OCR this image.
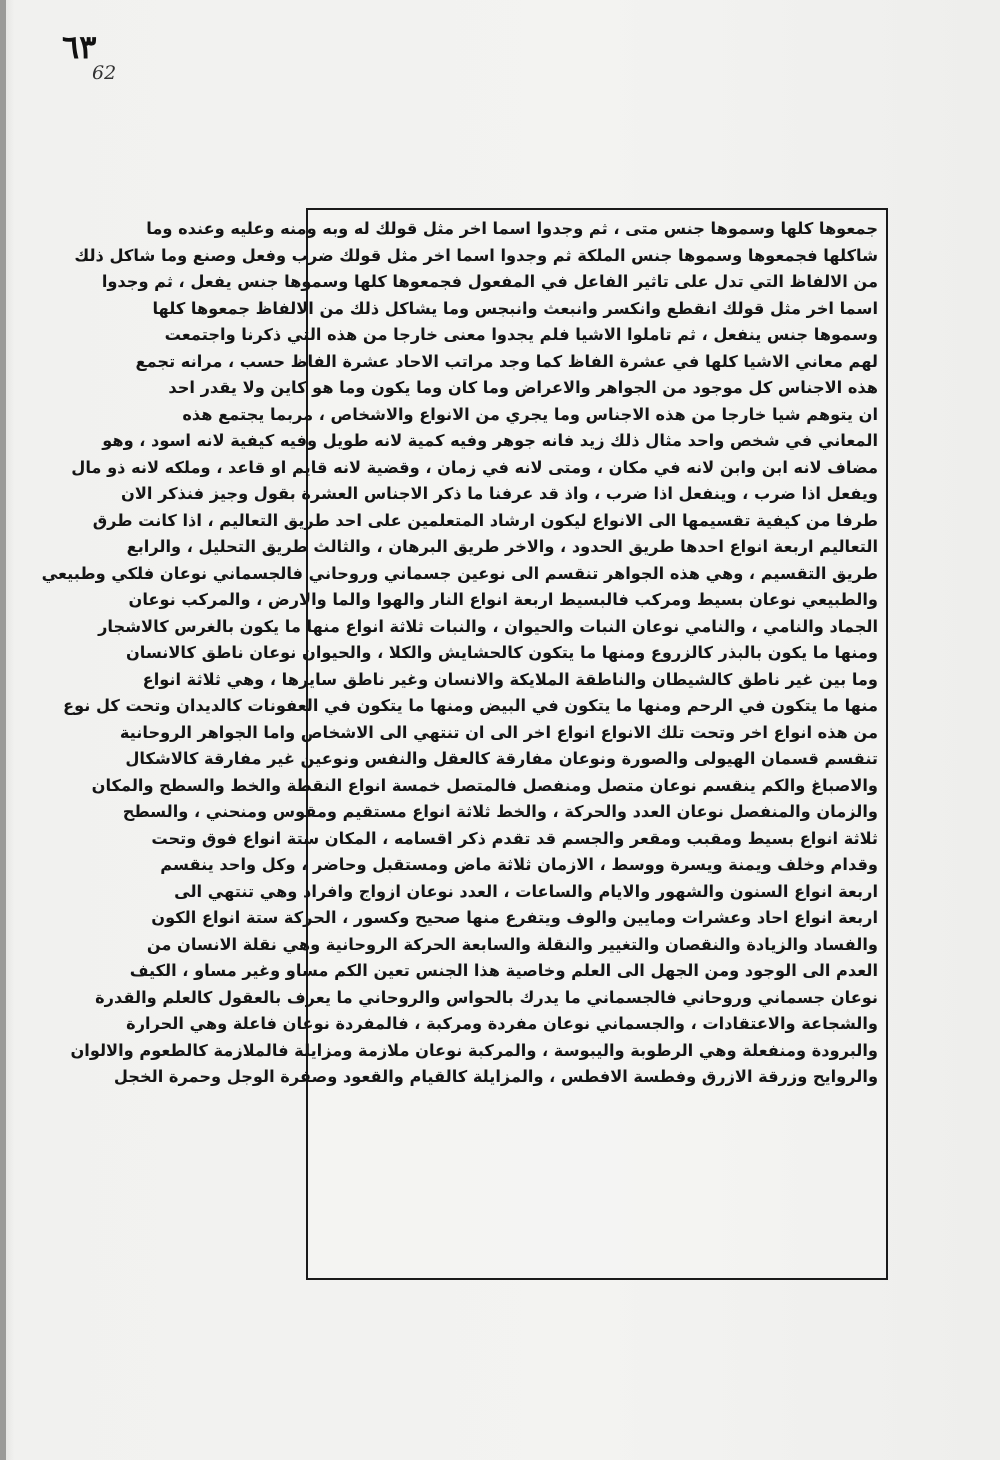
٦٣
62
جمعوها كلها وسموها جنس متى ، ثم وجدوا اسما اخر مثل قولك له وبه ومنه وعليه وعنده وما
شاكلها فجمعوها وسموها جنس الملكة ثم وجدوا اسما اخر مثل قولك ضرب وفعل وصنع وما شاكل ذلك
من الالفاظ التي تدل على تاثير الفاعل في المفعول فجمعوها كلها وسموها جنس يفعل ، ثم وجدوا
اسما اخر مثل قولك انقطع وانكسر وانبعث وانبجس وما يشاكل ذلك من الالفاظ جمعوها كلها
وسموها جنس ينفعل ، ثم تاملوا الاشيا فلم يجدوا معنى خارجا من هذه التي ذكرنا واجتمعت
لهم معاني الاشيا كلها في عشرة الفاظ كما وجد مراتب الاحاد عشرة الفاظ حسب ، مرانه تجمع
هذه الاجناس كل موجود من الجواهر والاعراض وما كان وما يكون وما هو كاين ولا يقدر احد
ان يتوهم شيا خارجا من هذه الاجناس وما يجري من الانواع والاشخاص ، مربما يجتمع هذه
المعاني في شخص واحد مثال ذلك زيد فانه جوهر وفيه كمية لانه طويل وفيه كيفية لانه اسود ، وهو
مضاف لانه ابن وابن لانه في مكان ، ومتى لانه في زمان ، وقضية لانه قايم او قاعد ، وملكه لانه ذو مال
ويفعل اذا ضرب ، وينفعل اذا ضرب ، واذ قد عرفنا ما ذكر الاجناس العشرة بقول وجيز فنذكر الان
طرفا من كيفية تقسيمها الى الانواع ليكون ارشاد المتعلمين على احد طريق التعاليم ، اذا كانت طرق
التعاليم اربعة انواع احدها طريق الحدود ، والاخر طريق البرهان ، والثالث طريق التحليل ، والرابع
طريق التقسيم ، وهي هذه الجواهر تنقسم الى نوعين جسماني وروحاني فالجسماني نوعان فلكي وطبيعي
والطبيعي نوعان بسيط ومركب فالبسيط اربعة انواع النار والهوا والما والارض ، والمركب نوعان
الجماد والنامي ، والنامي نوعان النبات والحيوان ، والنبات ثلاثة انواع منها ما يكون بالغرس كالاشجار
ومنها ما يكون بالبذر كالزروع ومنها ما يتكون كالحشايش والكلا ، والحيوان نوعان ناطق كالانسان
وما بين غير ناطق كالشيطان والناطقة الملايكة والانسان وغير ناطق سايرها ، وهي ثلاثة انواع
منها ما يتكون في الرحم ومنها ما يتكون في البيض ومنها ما يتكون في العفونات كالديدان وتحت كل نوع
من هذه انواع اخر وتحت تلك الانواع انواع اخر الى ان تنتهي الى الاشخاص واما الجواهر الروحانية
تنقسم قسمان الهيولى والصورة ونوعان مفارقة كالعقل والنفس ونوعين غير مفارقة كالاشكال
والاصباغ والكم ينقسم نوعان متصل ومنفصل فالمتصل خمسة انواع النقطة والخط والسطح والمكان
والزمان والمنفصل نوعان العدد والحركة ، والخط ثلاثة انواع مستقيم ومقوس ومنحني ، والسطح
ثلاثة انواع بسيط ومقبب ومقعر والجسم قد تقدم ذكر اقسامه ، المكان ستة انواع فوق وتحت
وقدام وخلف ويمنة ويسرة ووسط ، الازمان ثلاثة ماض ومستقبل وحاضر ، وكل واحد ينقسم
اربعة انواع السنون والشهور والايام والساعات ، العدد نوعان ازواج وافراد وهي تنتهي الى
اربعة انواع احاد وعشرات ومايين والوف ويتفرع منها صحيح وكسور ، الحركة ستة انواع الكون
والفساد والزيادة والنقصان والتغيير والنقلة والسابعة الحركة الروحانية وهي نقلة الانسان من
العدم الى الوجود ومن الجهل الى العلم وخاصية هذا الجنس تعين الكم مساو وغير مساو ، الكيف
نوعان جسماني وروحاني فالجسماني ما يدرك بالحواس والروحاني ما يعرف بالعقول كالعلم والقدرة
والشجاعة والاعتقادات ، والجسماني نوعان مفردة ومركبة ، فالمفردة نوعان فاعلة وهي الحرارة
والبرودة ومنفعلة وهي الرطوبة واليبوسة ، والمركبة نوعان ملازمة ومزايلة فالملازمة كالطعوم والالوان
والروايح وزرقة الازرق وفطسة الافطس ، والمزايلة كالقيام والقعود وصفرة الوجل وحمرة الخجل
